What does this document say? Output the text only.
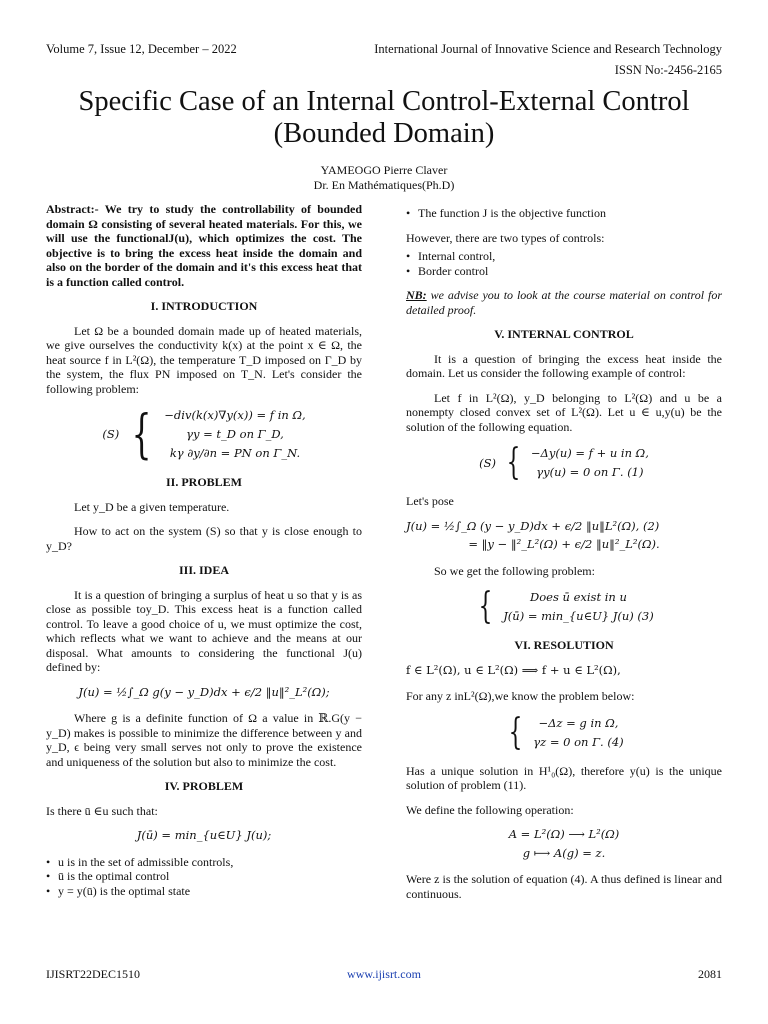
Volume 7, Issue 12, December – 2022	International Journal of Innovative Science and Research Technology
ISSN No:-2456-2165
Specific Case of an Internal Control-External Control (Bounded Domain)
YAMEOGO Pierre Claver
Dr. En Mathématiques(Ph.D)

Abstract:- We try to study the controllability of bounded domain Ω consisting of several heated materials. For this, we will use the functionalJ(u), which optimizes the cost. The objective is to bring the excess heat inside the domain and also on the border of the domain and it's this excess heat that is a function called control.

I. INTRODUCTION

Let Ω be a bounded domain made up of heated materials, we give ourselves the conductivity k(x) at the point x ∈ Ω, the heat source f in L²(Ω), the temperature T_D imposed on Γ_D by the system, the flux PN imposed on T_N. Let's consider the following problem:

(S) { −div(k(x)∇y(x)) = f in Ω,
γy = t_D on Γ_D,
kγ ∂y/∂n = PN on Γ_N.
II. PROBLEM

Let y_D be a given temperature.

How to act on the system (S) so that y is close enough to y_D?

III. IDEA

It is a question of bringing a surplus of heat u so that y is as close as possible toy_D. This excess heat is a function called control. To leave a good choice of u, we must optimize the cost, which reflects what we want to achieve and the means at our disposal. What amounts to considering the functional J(u) defined by:

J(u) = ½∫_Ω g(y − y_D)dx + ϵ/2 ‖u‖²_L²(Ω);

Where g is a definite function of Ω a value in ℝ.G(y − y_D) makes is possible to minimize the difference between y and y_D, ϵ being very small serves not only to prove the existence and uniqueness of the solution but also to minimize the cost.

IV. PROBLEM

Is there ū ∈u such that:

J(ū) = min_{u∈U} J(u);
• u is in the set of admissible controls,
• ū is the optimal control
• y = y(ū) is the optimal state
• The function J is the objective function

However, there are two types of controls:

• Internal control,
• Border control

NB: we advise you to look at the course material on control for detailed proof.

V. INTERNAL CONTROL

It is a question of bringing the excess heat inside the domain. Let us consider the following example of control:

Let f in L²(Ω), y_D belonging to L²(Ω) and u be a nonempty closed convex set of L²(Ω). Let u ∈ u,y(u) be the solution of the following equation.

(S) { −Δy(u) = f + u in Ω,
γy(u) = 0 on Γ. (1)

Let's pose

J(u) = ½∫_Ω (y − y_D)dx + ϵ/2 ‖u‖L²(Ω), (2)
= ‖y − ‖²_L²(Ω) + ϵ/2 ‖u‖²_L²(Ω).

So we get the following problem:

{	Does ū exist in u
J(ū) = min_{u∈U} J(u) (3)
VI. RESOLUTION
f ∈ L²(Ω), u ∈ L²(Ω) ⟹ f + u ∈ L²(Ω),

For any z inL²(Ω),we know the problem below:

{	−Δz = g in Ω,
γz = 0 on Γ. (4)

Has a unique solution in H¹₀(Ω), therefore y(u) is the unique solution of problem (11).

We define the following operation:

A = L²(Ω) ⟶ L²(Ω)
g ⟼ A(g) = z.

Were z is the solution of equation (4). A thus defined is linear and continuous.

IJISRT22DEC1510	www.ijisrt.com	2081
